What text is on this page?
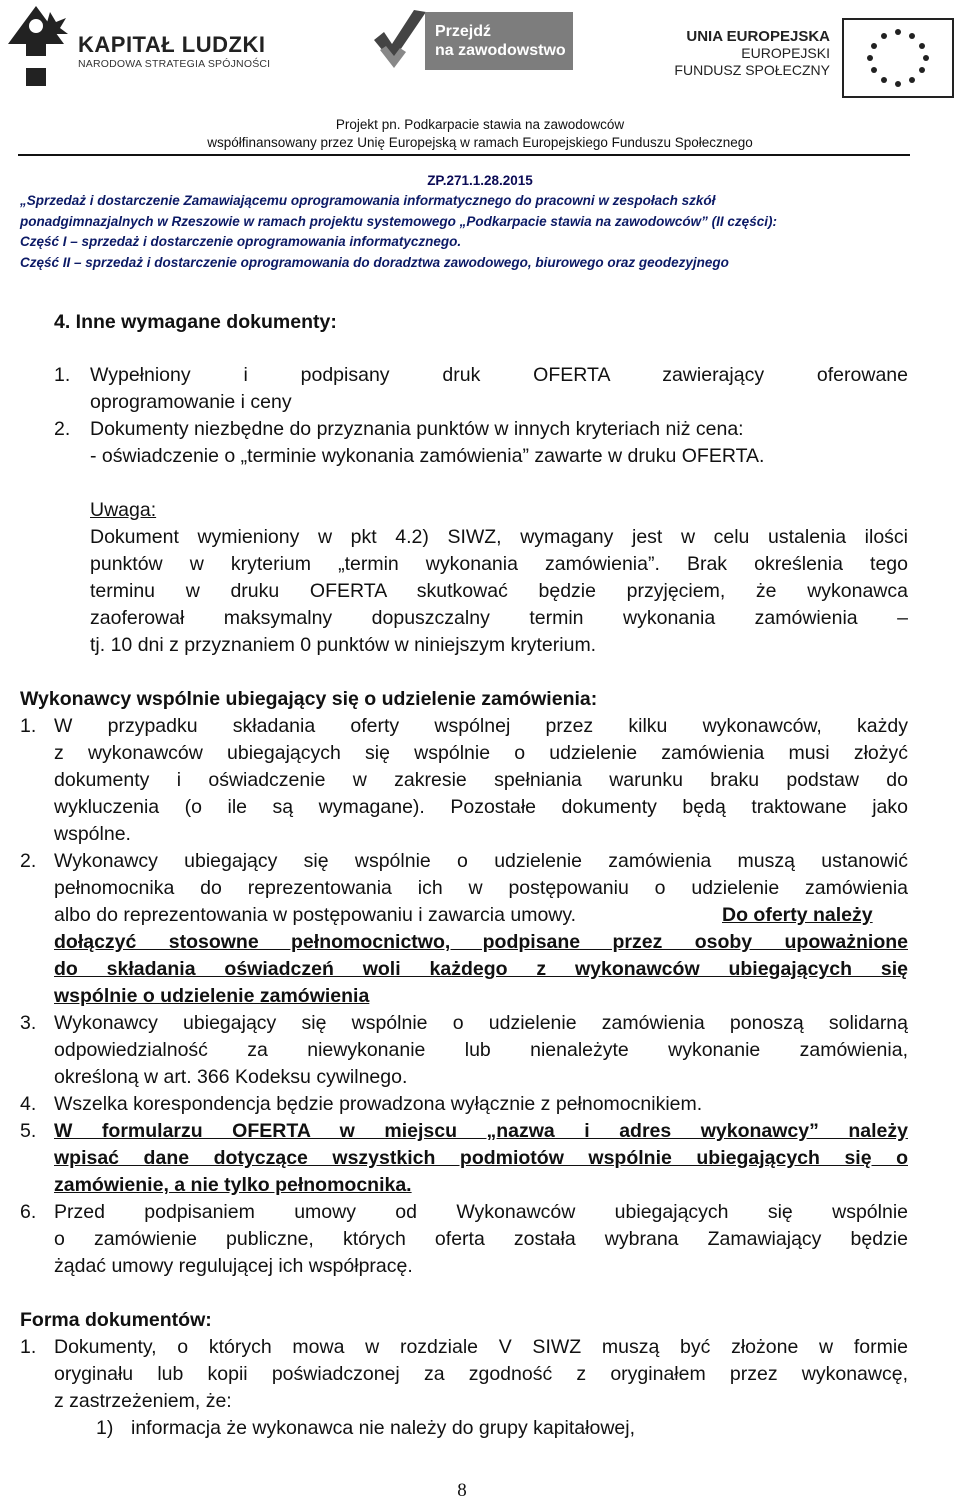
KAPITAŁ LUDZKI
NARODOWA STRATEGIA SPÓJNOŚCI
Przejdź
na zawodowstwo
UNIA EUROPEJSKA
EUROPEJSKI
FUNDUSZ SPOŁECZNY
Projekt pn. Podkarpacie stawia na zawodowców
współfinansowany przez Unię Europejską w ramach Europejskiego Funduszu Społecznego
ZP.271.1.28.2015
„Sprzedaż i dostarczenie Zamawiającemu oprogramowania informatycznego do pracowni w zespołach szkół
ponadgimnazjalnych w Rzeszowie w ramach projektu systemowego „Podkarpacie stawia na zawodowców” (II części):
Część I – sprzedaż i dostarczenie oprogramowania informatycznego.
Część II – sprzedaż i dostarczenie oprogramowania do doradztwa zawodowego, biurowego oraz geodezyjnego
4. Inne wymagane dokumenty:
1. Wypełniony i podpisany druk OFERTA zawierający oferowane
oprogramowanie i ceny
2. Dokumenty niezbędne do przyznania punktów w innych kryteriach niż cena:
- oświadczenie o „terminie wykonania zamówienia” zawarte w druku OFERTA.
Uwaga:
Dokument wymieniony w pkt 4.2) SIWZ, wymagany jest w celu ustalenia ilości
punktów w kryterium „termin wykonania zamówienia”. Brak określenia tego
terminu w druku OFERTA skutkować będzie przyjęciem, że wykonawca
zaoferował maksymalny dopuszczalny termin wykonania zamówienia –
tj. 10 dni z przyznaniem 0 punktów w niniejszym kryterium.
Wykonawcy wspólnie ubiegający się o udzielenie zamówienia:
1. W przypadku składania oferty wspólnej przez kilku wykonawców, każdy
z wykonawców ubiegających się wspólnie o udzielenie zamówienia musi złożyć
dokumenty i oświadczenie w zakresie spełniania warunku braku podstaw do
wykluczenia (o ile są wymagane). Pozostałe dokumenty będą traktowane jako
wspólne.
2. Wykonawcy ubiegający się wspólnie o udzielenie zamówienia muszą ustanowić
pełnomocnika do reprezentowania ich w postępowaniu o udzielenie zamówienia
albo do reprezentowania w postępowaniu i zawarcia umowy.	Do oferty należy
dołączyć stosowne pełnomocnictwo, podpisane przez osoby upoważnione
do składania oświadczeń woli każdego z wykonawców ubiegających się
wspólnie o udzielenie zamówienia
3. Wykonawcy ubiegający się wspólnie o udzielenie zamówienia ponoszą solidarną
odpowiedzialność za niewykonanie lub nienależyte wykonanie zamówienia,
określoną w art. 366 Kodeksu cywilnego.
4. Wszelka korespondencja będzie prowadzona wyłącznie z pełnomocnikiem.
5. W formularzu OFERTA w miejscu „nazwa i adres wykonawcy” należy
wpisać dane dotyczące wszystkich podmiotów wspólnie ubiegających się o
zamówienie, a nie tylko pełnomocnika.
6. Przed podpisaniem umowy od Wykonawców ubiegających się wspólnie
o zamówienie publiczne, których oferta została wybrana Zamawiający będzie
żądać umowy regulującej ich współpracę.
Forma dokumentów:
1. Dokumenty, o których mowa w rozdziale V SIWZ muszą być złożone w formie
oryginału lub kopii poświadczonej za zgodność z oryginałem przez wykonawcę,
z zastrzeżeniem, że:
1) informacja że wykonawca nie należy do grupy kapitałowej,
8
